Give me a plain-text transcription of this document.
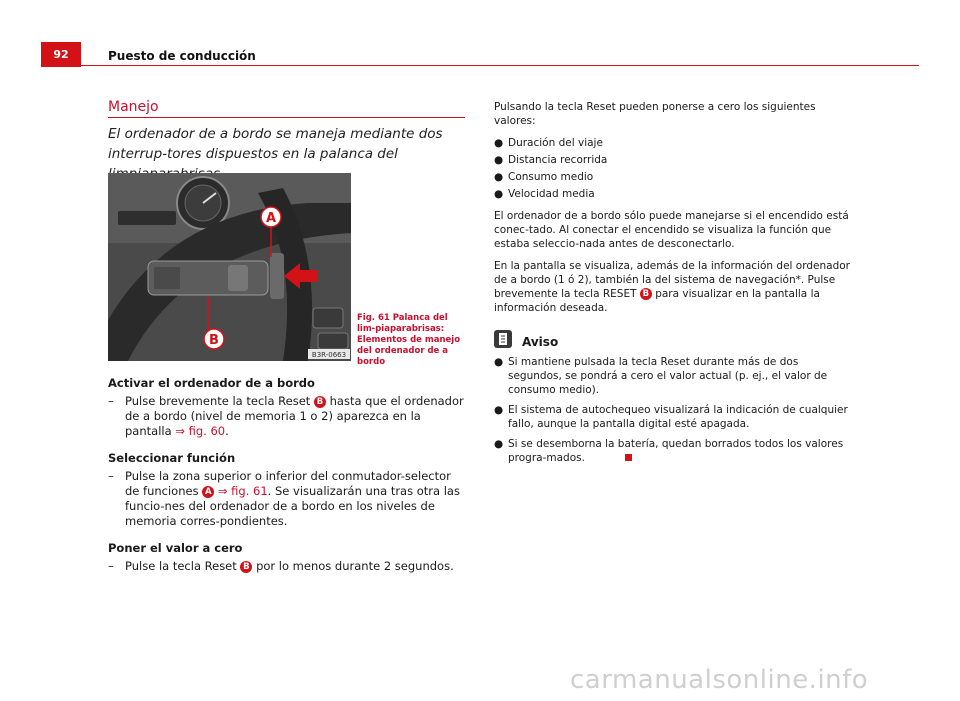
92	Puesto de conducción
Manejo
El ordenador de a bordo se maneja mediante dos interrup-tores dispuestos en la palanca del
A
B
B3R-0663
Fig. 61 Palanca del lim-piaparabrisas: Elementos de manejo del ordenador de a bordo
Activar el ordenador de a bordo
– Pulse brevemente la tecla Reset B hasta que el ordenador de a bordo (nivel de memoria 1 o 2) aparezca en la pantalla ⇒ fig. 60.
Seleccionar función
– Pulse la zona superior o inferior del conmutador-selector de funciones A ⇒ fig. 61. Se visualizarán una tras otra las funcio-nes del ordenador de a bordo en los niveles de memoria corres-pondientes.
Poner el valor a cero
– Pulse la tecla Reset B por lo menos durante 2 segundos.

Pulsando la tecla Reset pueden ponerse a cero los siguientes valores:

● Duración del viaje
● Distancia recorrida
● Consumo medio
● Velocidad media

El ordenador de a bordo sólo puede manejarse si el encendido está conec-tado. Al conectar el encendido se visualiza la función que estaba seleccio-nada antes de desconectarlo.

En la pantalla se visualiza, además de la información del ordenador de a bordo (1 ó 2), también la del sistema de navegación*. Pulse brevemente la tecla RESET B para visualizar en la pantalla la información deseada.

Aviso
● Si mantiene pulsada la tecla Reset durante más de dos segundos, se pondrá a cero el valor actual (p. ej., el valor de consumo medio).
● El sistema de autochequeo visualizará la indicación de cualquier fallo, aunque la pantalla digital esté apagada.
● Si se desemborna la batería, quedan borrados todos los valores progra-mados.
carmanualsonline.info
